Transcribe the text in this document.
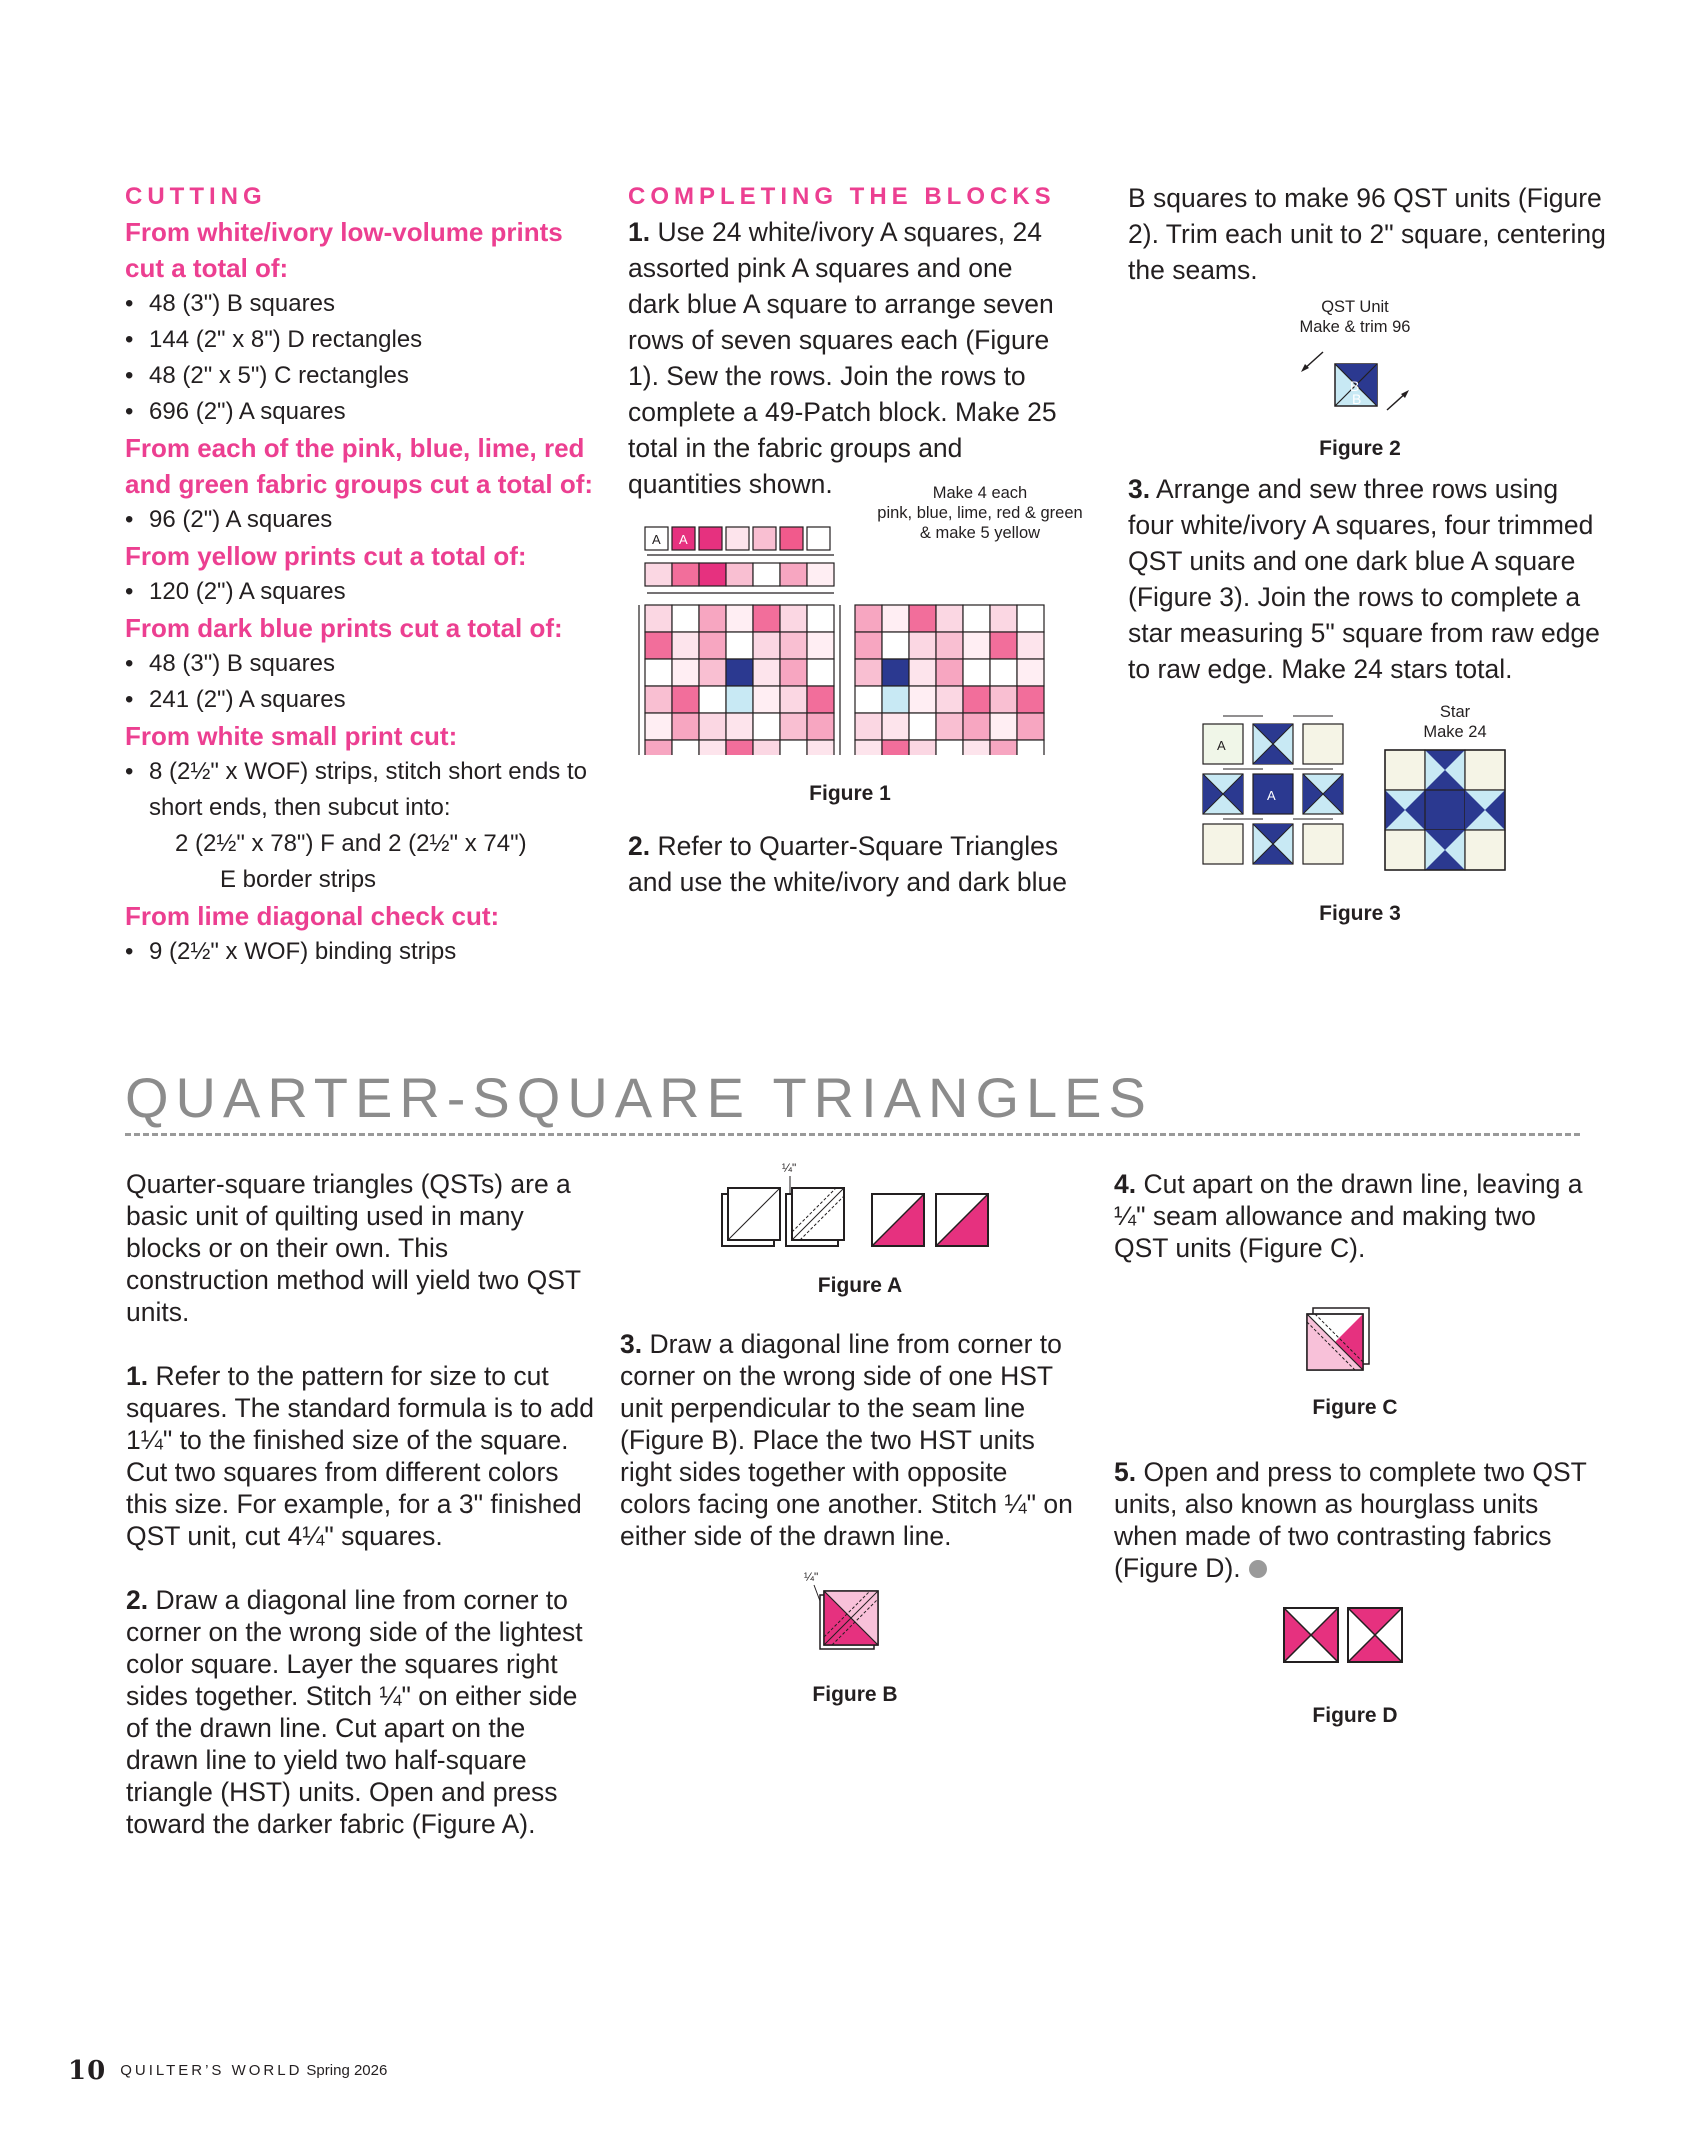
CUTTING
From white/ivory low-volume prints cut a total of:
• 48 (3") B squares
• 144 (2" x 8") D rectangles
• 48 (2" x 5") C rectangles
• 696 (2") A squares
From each of the pink, blue, lime, red and green fabric groups cut a total of:
• 96 (2") A squares
From yellow prints cut a total of:
• 120 (2") A squares
From dark blue prints cut a total of:
• 48 (3") B squares
• 241 (2") A squares
From white small print cut:
• 8 (2½" x WOF) strips, stitch short ends to
short ends, then subcut into:
2 (2½" x 78") F and 2 (2½" x 74")
E border strips
From lime diagonal check cut:
• 9 (2½" x WOF) binding strips
COMPLETING THE BLOCKS

1. Use 24 white/ivory A squares, 24 assorted pink A squares and one dark blue A square to arrange seven rows of seven squares each (Figure 1). Sew the rows. Join the rows to complete a 49-Patch block. Make 25 total in the fabric groups and quantities shown.	Make 4 each
pink, blue, lime, red & green
& make 5 yellow
A A
Figure 1

2. Refer to Quarter-Square Triangles and use the white/ivory and dark blue

B squares to make 96 QST units (Figure 2). Trim each unit to 2" square, centering the seams.

QST Unit
Make & trim 96
B
B
Figure 2

3. Arrange and sew three rows using four white/ivory A squares, four trimmed QST units and one dark blue A square (Figure 3). Join the rows to complete a star measuring 5" square from raw edge to raw edge. Make 24 stars total.

Star
Make 24
A
A
Figure 3
QUARTER-SQUARE TRIANGLES

Quarter-square triangles (QSTs) are a basic unit of quilting used in many blocks or on their own. This construction method will yield two QST units.

1. Refer to the pattern for size to cut squares. The standard formula is to add 1¼" to the finished size of the square. Cut two squares from different colors this size. For example, for a 3" finished QST unit, cut 4¼" squares.

2. Draw a diagonal line from corner to corner on the wrong side of the lightest color square. Layer the squares right sides together. Stitch ¼" on either side of the drawn line. Cut apart on the drawn line to yield two half-square triangle (HST) units. Open and press toward the darker fabric (Figure A).

¼"
Figure A

3. Draw a diagonal line from corner to corner on the wrong side of one HST unit perpendicular to the seam line (Figure B). Place the two HST units right sides together with opposite colors facing one another. Stitch ¼" on either side of the drawn line.

¼"
Figure B

4. Cut apart on the drawn line, leaving a ¼" seam allowance and making two QST units (Figure C).

Figure C

5. Open and press to complete two QST units, also known as hourglass units when made of two contrasting fabrics (Figure D).

Figure D
10 QUILTER’S WORLD Spring 2026
